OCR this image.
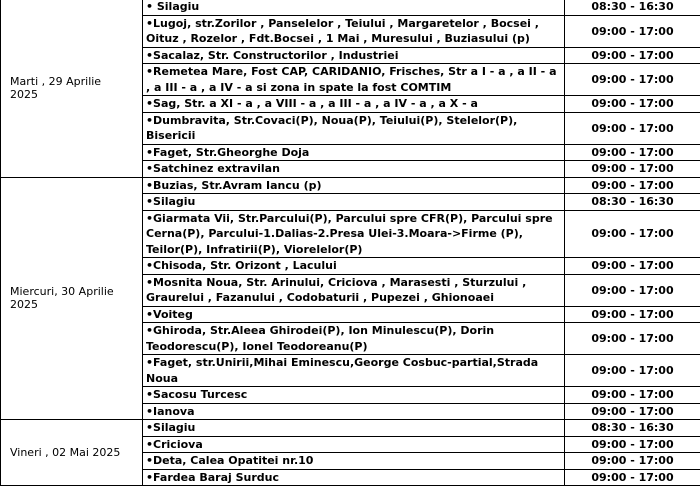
Marti , 29 Aprilie
2025	• Silagiu	08:30 - 16:30
	•Lugoj, str.Zorilor , Panselelor , Teiului , Margaretelor , Bocsei , Oituz , Rozelor , Fdt.Bocsei , 1 Mai , Muresului , Buziasului (p)	09:00 - 17:00
	•Sacalaz, Str. Constructorilor , Industriei	09:00 - 17:00
	•Remetea Mare, Fost CAP, CARIDANIO, Frisches, Str a I - a , a II - a , a III - a , a IV - a si zona in spate la fost COMTIM	09:00 - 17:00
	•Sag, Str. a XI - a , a VIII - a , a III - a , a IV - a , a X - a	09:00 - 17:00
	•Dumbravita, Str.Covaci(P), Noua(P), Teiului(P), Stelelor(P), Bisericii	09:00 - 17:00
	•Faget, Str.Gheorghe Doja	09:00 - 17:00
	•Satchinez extravilan	09:00 - 17:00
Miercuri, 30 Aprilie
2025	•Buzias, Str.Avram Iancu (p)	09:00 - 17:00
	•Silagiu	08:30 - 16:30
	•Giarmata Vii, Str.Parcului(P), Parcului spre CFR(P), Parcului spre Cerna(P), Parcului-1.Dalias-2.Presa Ulei-3.Moara->Firme (P), Teilor(P), Infratirii(P), Viorelelor(P)	09:00 - 17:00
	•Chisoda, Str. Orizont , Lacului	09:00 - 17:00
	•Mosnita Noua, Str. Arinului, Criciova , Marasesti , Sturzului , Graurelui , Fazanului , Codobaturii , Pupezei , Ghionoaei	09:00 - 17:00
	•Voiteg	09:00 - 17:00
	•Ghiroda, Str.Aleea Ghirodei(P), Ion Minulescu(P), Dorin Teodorescu(P), Ionel Teodoreanu(P)	09:00 - 17:00
	•Faget, str.Unirii,Mihai Eminescu,George Cosbuc-partial,Strada Noua	09:00 - 17:00
	•Sacosu Turcesc	09:00 - 17:00
	•Ianova	09:00 - 17:00
Vineri , 02 Mai 2025	•Silagiu	08:30 - 16:30
	•Criciova	09:00 - 17:00
	•Deta, Calea Opatitei nr.10	09:00 - 17:00
	•Fardea Baraj Surduc	09:00 - 17:00
